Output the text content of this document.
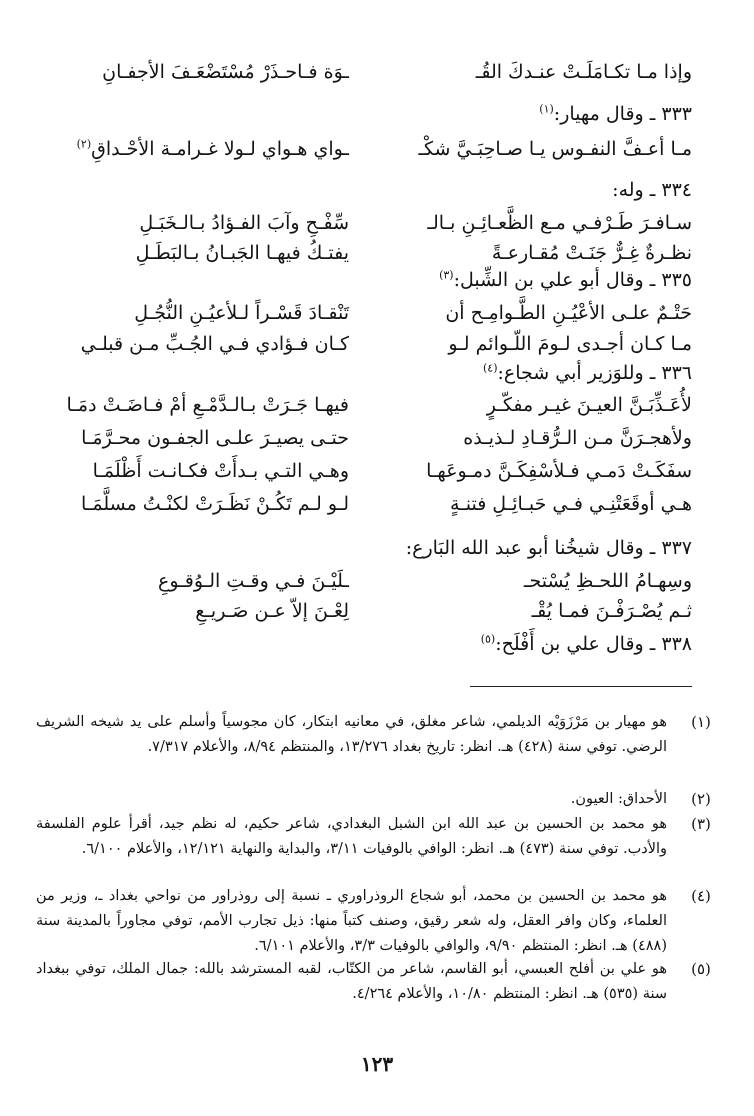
وإذا مـا تكـامَلَـتْ عنـدكَ القُـ
ـوَة فـاحـذَرْ مُسْتَضْعَـفَ الأجفـانِ
مـا أعـفَّ النفـوس يـا صـاحِبَـيَّ شكْـ
ـواي هـواي لـولا غـرامـة الأحْـداقِ$^{(٢)}$
سـافـرَ طَـرْفـي مـع الظَّعـائِـنِ بـالـ
سِّفْـحِ وآبَ الفـؤادُ بـالـخَبَـلِ
نظـرةٌ غِـرٌّ جَنَـتْ مُقـارعـةً
يفتـكُ فيهـا الجَبـانُ بـالبَطَـلِ
حَتْـمٌ علـى الأعْيُـنِ الطَّـوامِـح أن
تَنْقـادَ قَسْـراً لـلأعيُـنِ النُّجُـلِ
مـا كـان أجـدى لـومَ اللّـوائم لـو
كـان فـؤادي فـي الجُـبِّ مـن قبلـي
لأُعَـذِّبَـنَّ العيـنَ غيـر مفكّـرٍ
فيهـا جَـرَتْ بـالـدَّمْـعِ أمْ فـاضَـتْ دمَـا
ولأهجـرَنَّ مـن الـرُّقـادِ لـذيـذه
حتـى يصيـرَ علـى الجفـون محـرَّمَـا
سفَكَـتْ دَمـي فـلأسْفِكَـنَّ دمـوعَهـا
وهـي التـي بـدأَتْ فكـانـت أَظْلَمَـا
هـي أوقَعَتْنِـي فـي حَبـائِـلِ فتنـةٍ
لـو لـم تَكُـنْ نَظَـرَتْ لكنْـتُ مسلَّمَـا
وسِهـامُ اللحـظِ يُسْتحـ
ـلَيْـنَ فـي وقـتِ الـوُقـوعِ
ثـم يُصْـرَفْـنَ فمـا يُقْـ
لِعْـنَ إلاّ عـن صَـريـعِ
٣٣٣ ـ وقال مهيار:$^{(١)}$
٣٣٤ ـ وله:
٣٣٥ ـ وقال أبو علي بن الشِّبل:$^{(٣)}$
٣٣٦ ـ وللوَزير أبي شجاع:$^{(٤)}$
٣٣٧ ـ وقال شيخُنا أبو عبد الله البَارع:
٣٣٨ ـ وقال علي بن أَفْلَح:$^{(٥)}$
(١)
هو مهيار بن مَرْزَوَيْه الديلمي، شاعر مغلق، في معانيه ابتكار، كان مجوسياً وأسلم على يد شيخه الشريف الرضي. توفي سنة (٤٢٨) هـ. انظر: تاريخ بغداد ١٣/٢٧٦، والمنتظم ٨/٩٤، والأعلام ٧/٣١٧.
(٢)
الأحداق: العيون.
(٣)
هو محمد بن الحسين بن عبد الله ابن الشبل البغدادي، شاعر حكيم، له نظم جيد، أقرأ علوم الفلسفة والأدب. توفي سنة (٤٧٣) هـ. انظر: الوافي بالوفيات ٣/١١، والبداية والنهاية ١٢/١٢١، والأعلام ٦/١٠٠.
(٤)
هو محمد بن الحسين بن محمد، أبو شجاع الروذراوري ـ نسبة إلى روذراور من نواحي بغداد ـ، وزير من العلماء، وكان وافر العقل، وله شعر رقيق، وصنف كتباً منها: ذيل تجارب الأمم، توفي مجاوراً بالمدينة سنة (٤٨٨) هـ. انظر: المنتظم ٩/٩٠، والوافي بالوفيات ٣/٣، والأعلام ٦/١٠١.
(٥)
هو علي بن أفلح العبسي، أبو القاسم، شاعر من الكتّاب، لقبه المسترشد بالله: جمال الملك، توفي ببغداد سنة (٥٣٥) هـ. انظر: المنتظم ١٠/٨٠، والأعلام ٤/٢٦٤.
١٢٣
